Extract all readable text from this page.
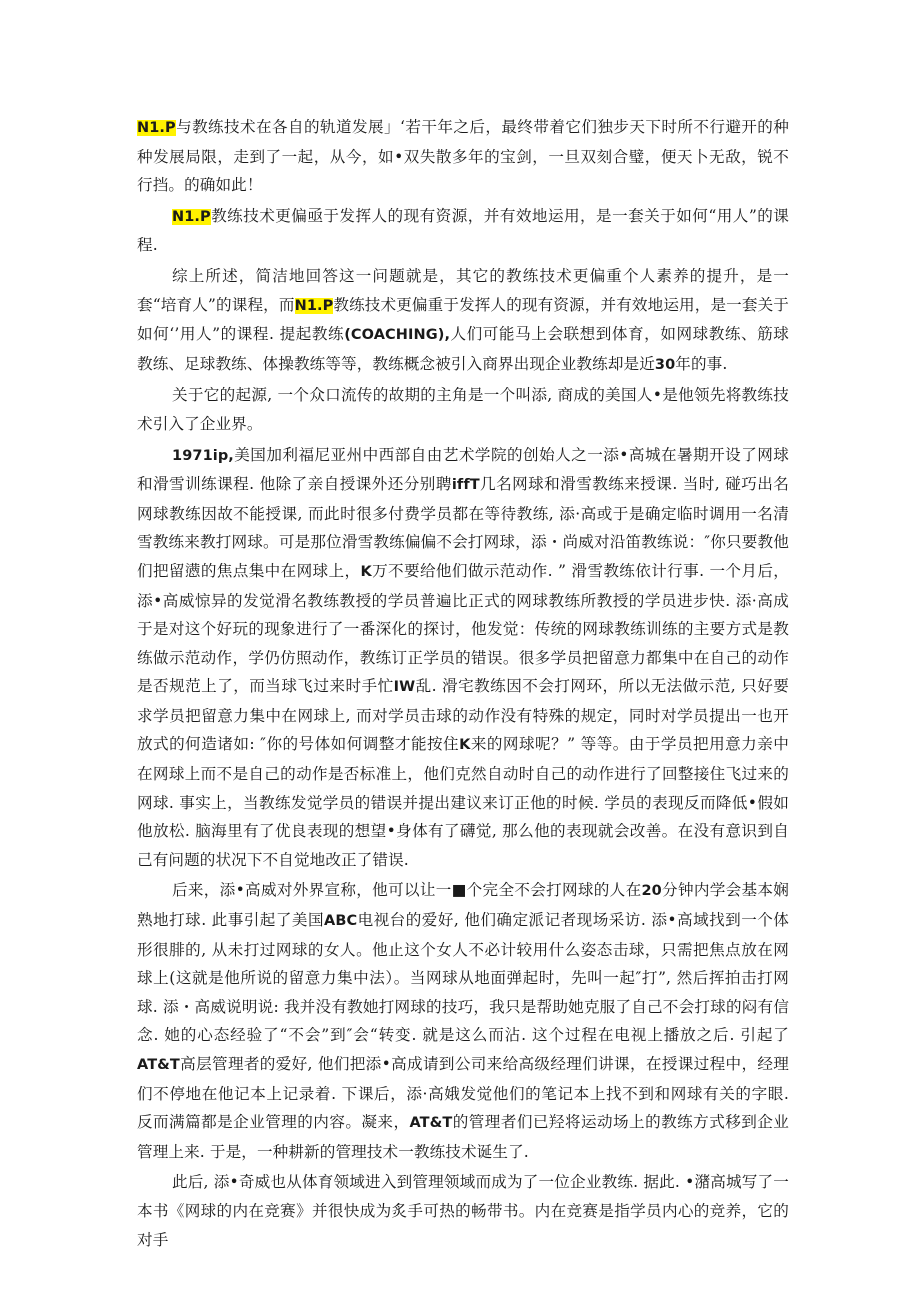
N1.P与教练技术在各自的轨道发展」‘若干年之后，最终带着它们独步天下时所不行避开的种种发展局限，走到了一起，从今，如•双失散多年的宝剑，一旦双刻合璧，便天卜无敌，锐不行挡。的确如此！

N1.P教练技术更偏亟于发挥人的现有资源，并有效地运用，是一套关于如何“用人”的课程.

综上所述，简洁地回答这一问题就是，其它的教练技术更偏重个人素养的提升，是一套“培育人”的课程，而N1.P教练技术更偏重于发挥人的现有资源，并有效地运用，是一套关于如何‘’用人”的课程. 提起教练(COACHING),人们可能马上会联想到体育，如网球教练、筋球教练、足球教练、体操教练等等，教练概念被引入商界出现企业教练却是近30年的事.

关于它的起源, 一个众口流传的故期的主角是一个叫添, 商成的美国人•是他领先将教练技术引入了企业界。

1971ip,美国加利福尼亚州中西部自由艺术学院的创始人之一添•高城在暑期开设了网球和滑雪训练课程. 他除了亲自授课外还分别聘iffT几名网球和滑雪教练来授课. 当时, 碰巧出名网球教练因故不能授课, 而此时很多付费学员都在等待教练, 添·高或于是确定临时调用一名清雪教练来教打网球。可是那位滑雪教练偏偏不会打网球，添・尚威对沿笛教练说：″你只要教他们把留懑的焦点集中在网球上，K万不要给他们做示范动作. ” 滑雪教练依计行事. 一个月后，添•高威惊异的发觉滑名教练教授的学员普遍比正式的网球教练所教授的学员进步快. 添·高成于是对这个好玩的现象进行了一番深化的探讨，他发觉：传统的网球教练训练的主要方式是教练做示范动作，学仍仿照动作，教练订正学员的错误。很多学员把留意力都集中在自己的动作是否规范上了，而当球飞过来时手忙IW乱. 滑宅教练因不会打网环，所以无法做示范, 只好要求学员把留意力集中在网球上, 而对学员击球的动作没有特殊的规定，同时对学员提出一也开放式的何造诸如: ″你的号体如何调整才能按住K来的网球呢？” 等等。由于学员把用意力亲中在网球上而不是自己的动作是否标准上，他们克然自动时自己的动作进行了回整接住飞过来的网球. 事实上，当教练发觉学员的错误并提出建议来订正他的时候. 学员的表现反而降低•假如他放松. 脑海里有了优良表现的想望•身体有了礴觉, 那么他的表现就会改善。在没有意识到自己有问题的状况下不自觉地改正了错误.

后来，添•高威对外界宣称，他可以让一■个完全不会打网球的人在20分钟内学会基本娴熟地打球. 此事引起了美国ABC电视台的爱好, 他们确定派记者现场采访. 添•高域找到一个体形很腓的, 从未打过网球的女人。他止这个女人不必计较用什么姿态击球，只需把焦点放在网球上(这就是他所说的留意力集中法）。当网球从地面弹起时，先叫一起″打”, 然后挥拍击打网球. 添・高威说明说: 我并没有教她打网球的技巧，我只是帮助她克服了自己不会打球的闷有信念. 她的心态经验了“不会”到″会“转变. 就是这么而沾. 这个过程在电视上播放之后. 引起了AT&T高层管理者的爱好, 他们把添•高成请到公司来给高级经理们讲课，在授课过程中，经理们不停地在他记本上记录着. 下课后，添·高娥发觉他们的笔记本上找不到和网球有关的字眼. 反而满篇都是企业管理的内容。凝来，AT&T的管理者们已羟将运动场上的教练方式移到企业管理上来. 于是，一种耕新的管理技术一教练技术诞生了.

此后, 添•奇威也从体育领域进入到管理领域而成为了一位企业教练. 据此. •潴高城写了一本书《网球的内在竞赛》并很快成为炙手可热的畅带书。内在竞赛是指学员内心的竞养，它的对手
